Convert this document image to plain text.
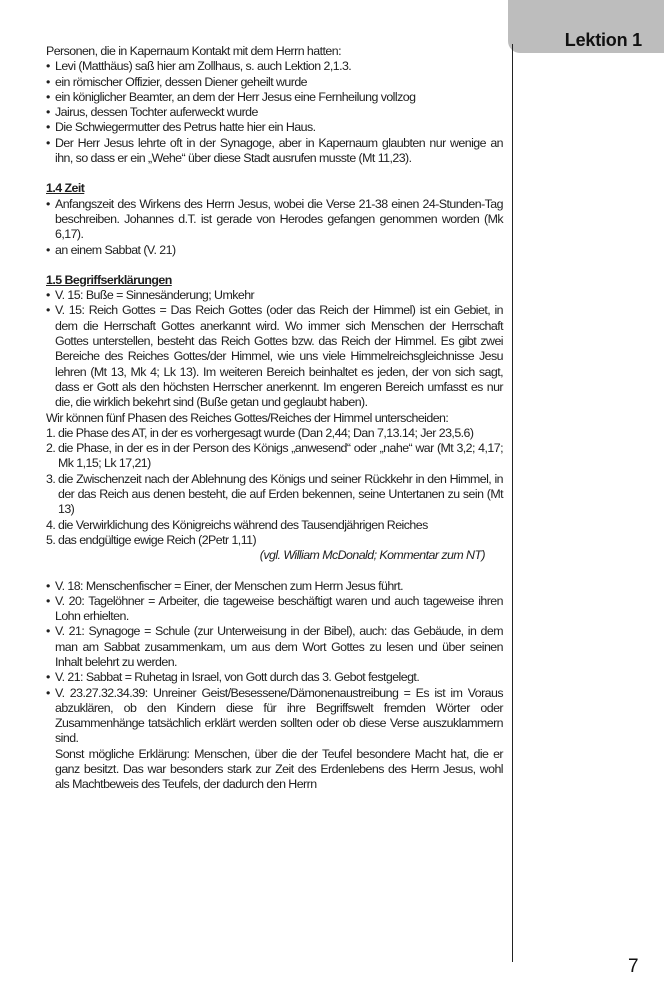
Lektion 1

Personen, die in Kapernaum Kontakt mit dem Herrn hatten:

• Levi (Matthäus) saß hier am Zollhaus, s. auch Lektion 2,1.3.
• ein römischer Offizier, dessen Diener geheilt wurde
• ein königlicher Beamter, an dem der Herr Jesus eine Fernheilung vollzog
• Jairus, dessen Tochter auferweckt wurde
• Die Schwiegermutter des Petrus hatte hier ein Haus.
• Der Herr Jesus lehrte oft in der Synagoge, aber in Kapernaum glaubten nur wenige an ihn, so dass er ein „Wehe“ über diese Stadt ausrufen musste (Mt 11,23).

1.4 Zeit

• Anfangszeit des Wirkens des Herrn Jesus, wobei die Verse 21-38 einen 24-Stunden-Tag beschreiben. Johannes d.T. ist gerade von Herodes gefangen genommen worden (Mk 6,17).
• an einem Sabbat (V. 21)

1.5 Begriffserklärungen

• V. 15: Buße = Sinnesänderung; Umkehr
• V. 15: Reich Gottes = Das Reich Gottes (oder das Reich der Himmel) ist ein Gebiet, in dem die Herrschaft Gottes anerkannt wird. Wo immer sich Menschen der Herrschaft Gottes unterstellen, besteht das Reich Gottes bzw. das Reich der Himmel. Es gibt zwei Bereiche des Reiches Gottes/der Himmel, wie uns viele Himmelreichsgleichnisse Jesu lehren (Mt 13, Mk 4; Lk 13). Im weiteren Bereich beinhaltet es jeden, der von sich sagt, dass er Gott als den höchsten Herrscher anerkennt. Im engeren Bereich umfasst es nur die, die wirklich bekehrt sind (Buße getan und geglaubt haben).

Wir können fünf Phasen des Reiches Gottes/Reiches der Himmel unterscheiden:

1. die Phase des AT, in der es vorhergesagt wurde (Dan 2,44; Dan 7,13.14; Jer 23,5.6)
2. die Phase, in der es in der Person des Königs „anwesend“ oder „nahe“ war (Mt 3,2; 4,17; Mk 1,15; Lk 17,21)
3. die Zwischenzeit nach der Ablehnung des Königs und seiner Rückkehr in den Himmel, in der das Reich aus denen besteht, die auf Erden bekennen, seine Untertanen zu sein (Mt 13)
4. die Verwirklichung des Königreichs während des Tausendjährigen Reiches
5. das endgültige ewige Reich (2Petr 1,11)

(vgl. William McDonald; Kommentar zum NT)

• V. 18: Menschenfischer = Einer, der Menschen zum Herrn Jesus führt.
• V. 20: Tagelöhner = Arbeiter, die tageweise beschäftigt waren und auch tageweise ihren Lohn erhielten.
• V. 21: Synagoge = Schule (zur Unterweisung in der Bibel), auch: das Gebäude, in dem man am Sabbat zusammenkam, um aus dem Wort Gottes zu lesen und über seinen Inhalt belehrt zu werden.
• V. 21: Sabbat = Ruhetag in Israel, von Gott durch das 3. Gebot festgelegt.
• V. 23.27.32.34.39: Unreiner Geist/Besessene/Dämonenaustreibung = Es ist im Voraus abzuklären, ob den Kindern diese für ihre Begriffswelt fremden Wörter oder Zusammenhänge tatsächlich erklärt werden sollten oder ob diese Verse auszuklammern sind.

Sonst mögliche Erklärung: Menschen, über die der Teufel besondere Macht hat, die er ganz besitzt. Das war besonders stark zur Zeit des Erdenlebens des Herrn Jesus, wohl als Machtbeweis des Teufels, der dadurch den Herrn

7
